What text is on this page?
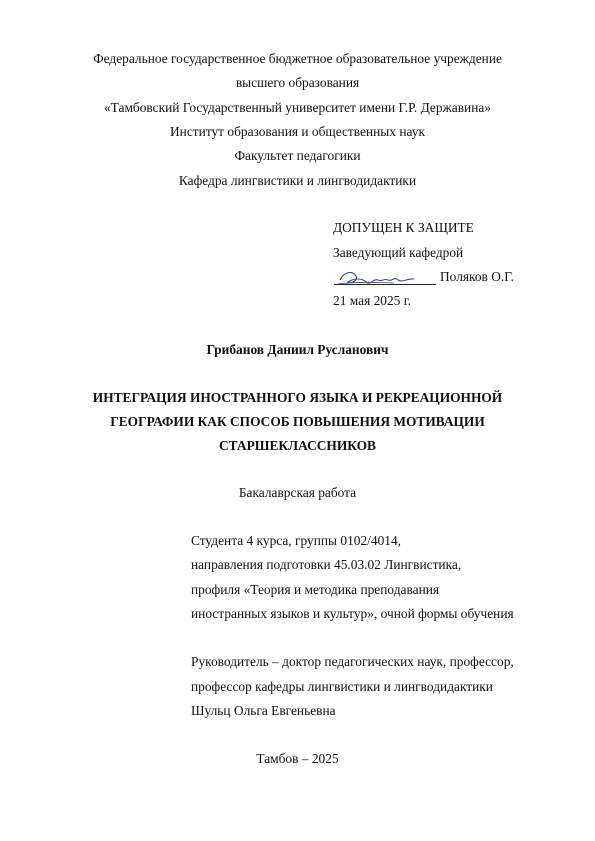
Федеральное государственное бюджетное образовательное учреждение
высшего образования
«Тамбовский Государственный университет имени Г.Р. Державина»
Институт образования и общественных наук
Факультет педагогики
Кафедра лингвистики и лингводидактики
ДОПУЩЕН К ЗАЩИТЕ
Заведующий кафедрой
Поляков О.Г.
21 мая 2025 г.
Грибанов Даниил Русланович
ИНТЕГРАЦИЯ ИНОСТРАННОГО ЯЗЫКА И РЕКРЕАЦИОННОЙ
ГЕОГРАФИИ КАК СПОСОБ ПОВЫШЕНИЯ МОТИВАЦИИ
СТАРШЕКЛАССНИКОВ
Бакалаврская работа
Студента 4 курса, группы 0102/4014,
направления подготовки 45.03.02 Лингвистика,
профиля «Теория и методика преподавания
иностранных языков и культур», очной формы обучения
Руководитель – доктор педагогических наук, профессор,
профессор кафедры лингвистики и лингводидактики
Шульц Ольга Евгеньевна
Тамбов – 2025
